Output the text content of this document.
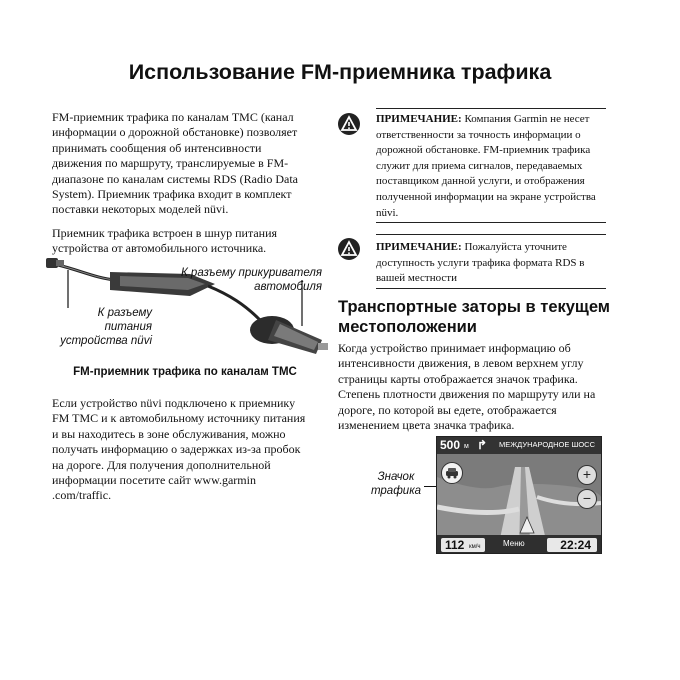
Использование FM-приемника трафика
FM-приемник трафика по каналам TMC (канал информации о дорожной обстановке) позволяет принимать сообщения об интенсивности движения по маршруту, транслируемые в FM-диапазоне по каналам системы RDS (Radio Data System). Приемник трафика входит в комплект поставки некоторых моделей nüvi.
Приемник трафика встроен в шнур питания устройства от автомобильного источника.
К разъему прикуривателя автомобиля
К разъему питания устройства nüvi
FM-приемник трафика по каналам TMC
Если устройство nüvi подключено к приемнику FM TMC и к автомобильному источнику питания и вы находитесь в зоне обслуживания, можно получать информацию о задержках из-за пробок на дороге. Для получения дополнительной информации посетите сайт www.garmin .com/traffic.
ПРИМЕЧАНИЕ: Компания Garmin не несет ответственности за точность информации о дорожной обстановке. FM-приемник трафика служит для приема сигналов, передаваемых поставщиком данной услуги, и отображения полученной информации на экране устройства nüvi.
ПРИМЕЧАНИЕ: Пожалуйста уточните доступность услуги трафика формата RDS в вашей местности
Транспортные заторы в текущем местоположении
Когда устройство принимает информацию об интенсивности движения, в левом верхнем углу страницы карты отображается значок трафика. Степень плотности движения по маршруту или на дороге, по которой вы едете, отображается изменением цвета значка трафика.
Значок трафика
500 м ↱ МЕЖДУНАРОДНОЕ ШОСС
+
−
112 км/ч	Меню	22:24
